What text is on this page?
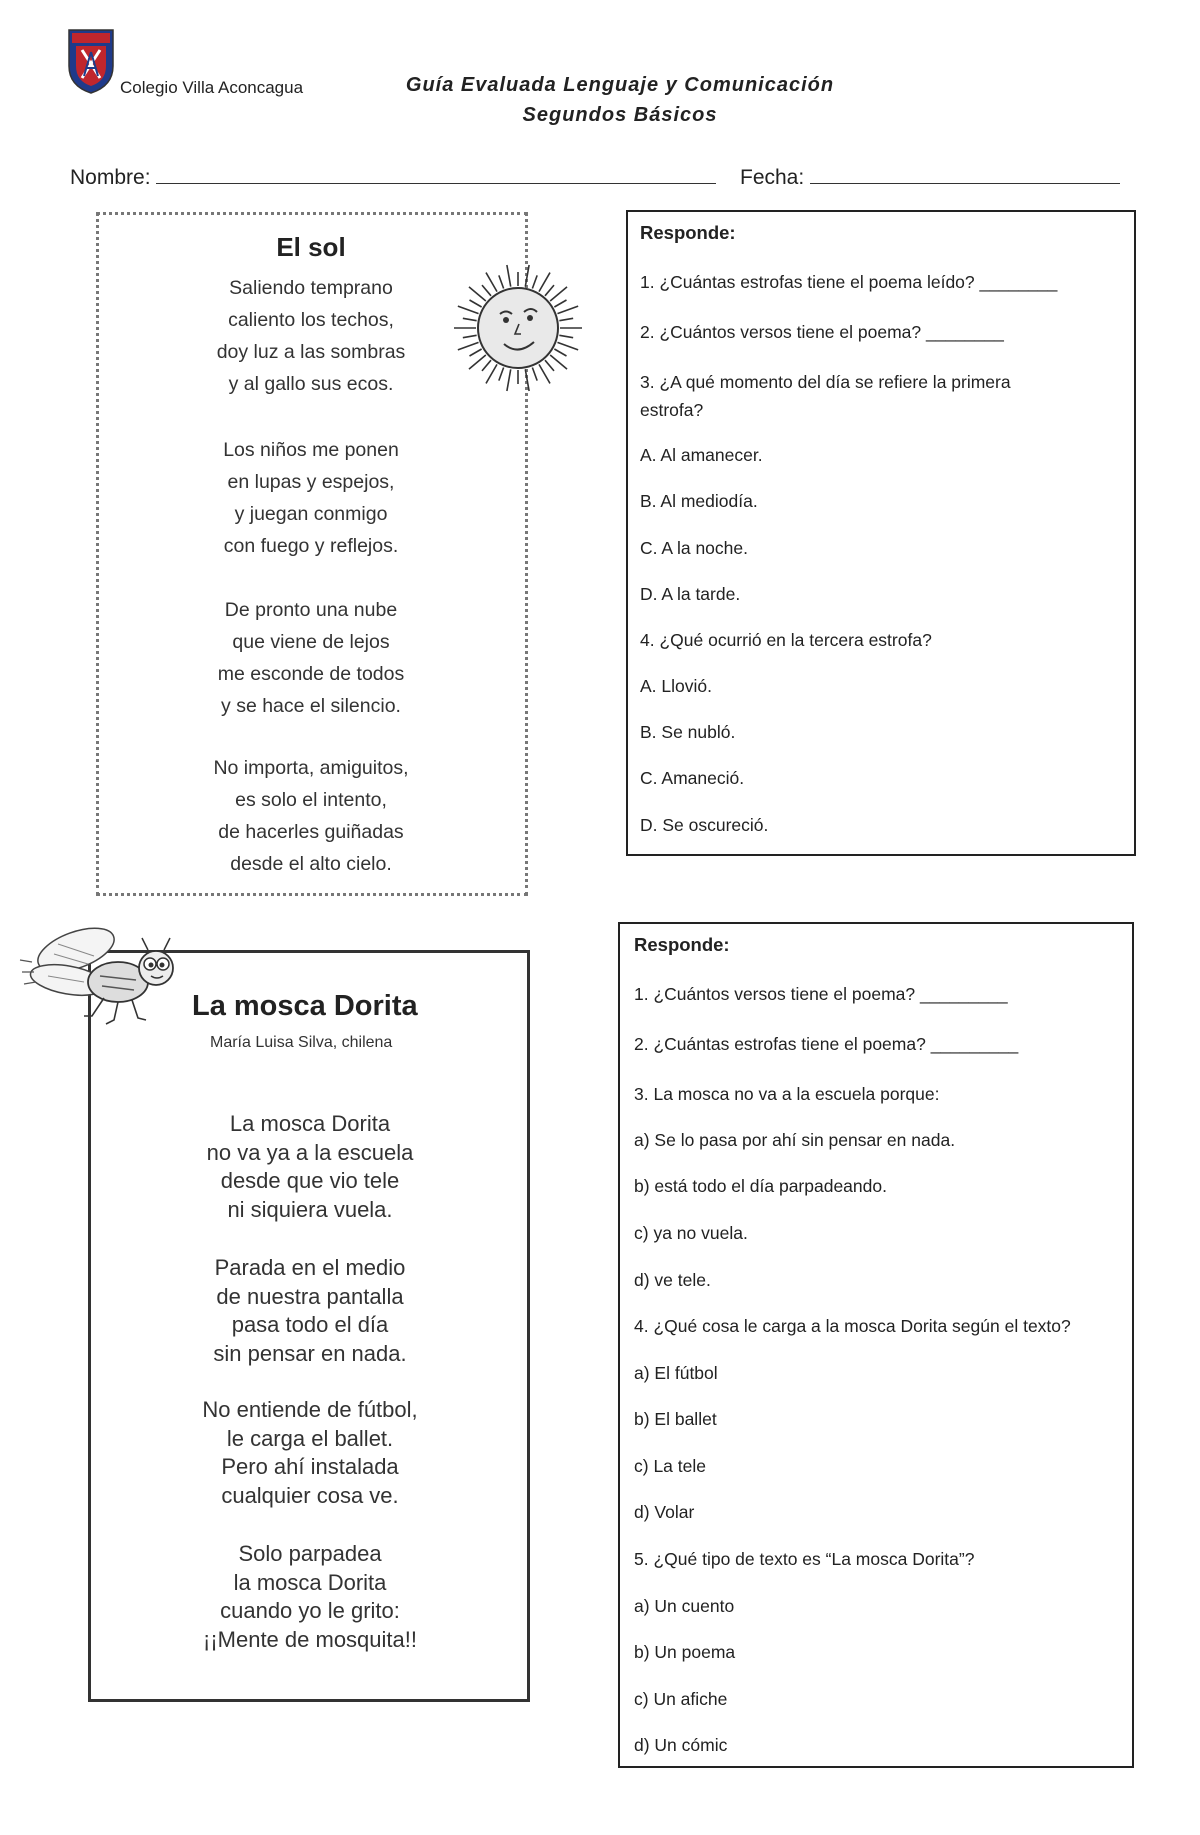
Colegio Villa Aconcagua	Guía Evaluada Lenguaje y Comunicación
Segundos Básicos
Nombre:	Fecha:
El sol
Saliendo temprano
caliento los techos,
doy luz a las sombras
y al gallo sus ecos.
Los niños me ponen
en lupas y espejos,
y juegan conmigo
con fuego y reflejos.
De pronto una nube
que viene de lejos
me esconde de todos
y se hace el silencio.
No importa, amiguitos,
es solo el intento,
de hacerles guiñadas
desde el alto cielo.
Responde:
1. ¿Cuántas estrofas tiene el poema leído? ________
2. ¿Cuántos versos tiene el poema? ________
3. ¿A qué momento del día se refiere la primera
estrofa?
A. Al amanecer.
B. Al mediodía.
C. A la noche.
D. A la tarde.
4. ¿Qué ocurrió en la tercera estrofa?
A. Llovió.
B. Se nubló.
C. Amaneció.
D. Se oscureció.
La mosca Dorita
María Luisa Silva, chilena
La mosca Dorita
no va ya a la escuela
desde que vio tele
ni siquiera vuela.
Parada en el medio
de nuestra pantalla
pasa todo el día
sin pensar en nada.
No entiende de fútbol,
le carga el ballet.
Pero ahí instalada
cualquier cosa ve.
Solo parpadea
la mosca Dorita
cuando yo le grito:
¡¡Mente de mosquita!!
Responde:
1. ¿Cuántos versos tiene el poema? _________
2. ¿Cuántas estrofas tiene el poema? _________
3. La mosca no va a la escuela porque:
a) Se lo pasa por ahí sin pensar en nada.
b) está todo el día parpadeando.
c) ya no vuela.
d) ve tele.
4. ¿Qué cosa le carga a la mosca Dorita según el texto?
a) El fútbol
b) El ballet
c) La tele
d) Volar
5. ¿Qué tipo de texto es “La mosca Dorita”?
a) Un cuento
b) Un poema
c) Un afiche
d) Un cómic
